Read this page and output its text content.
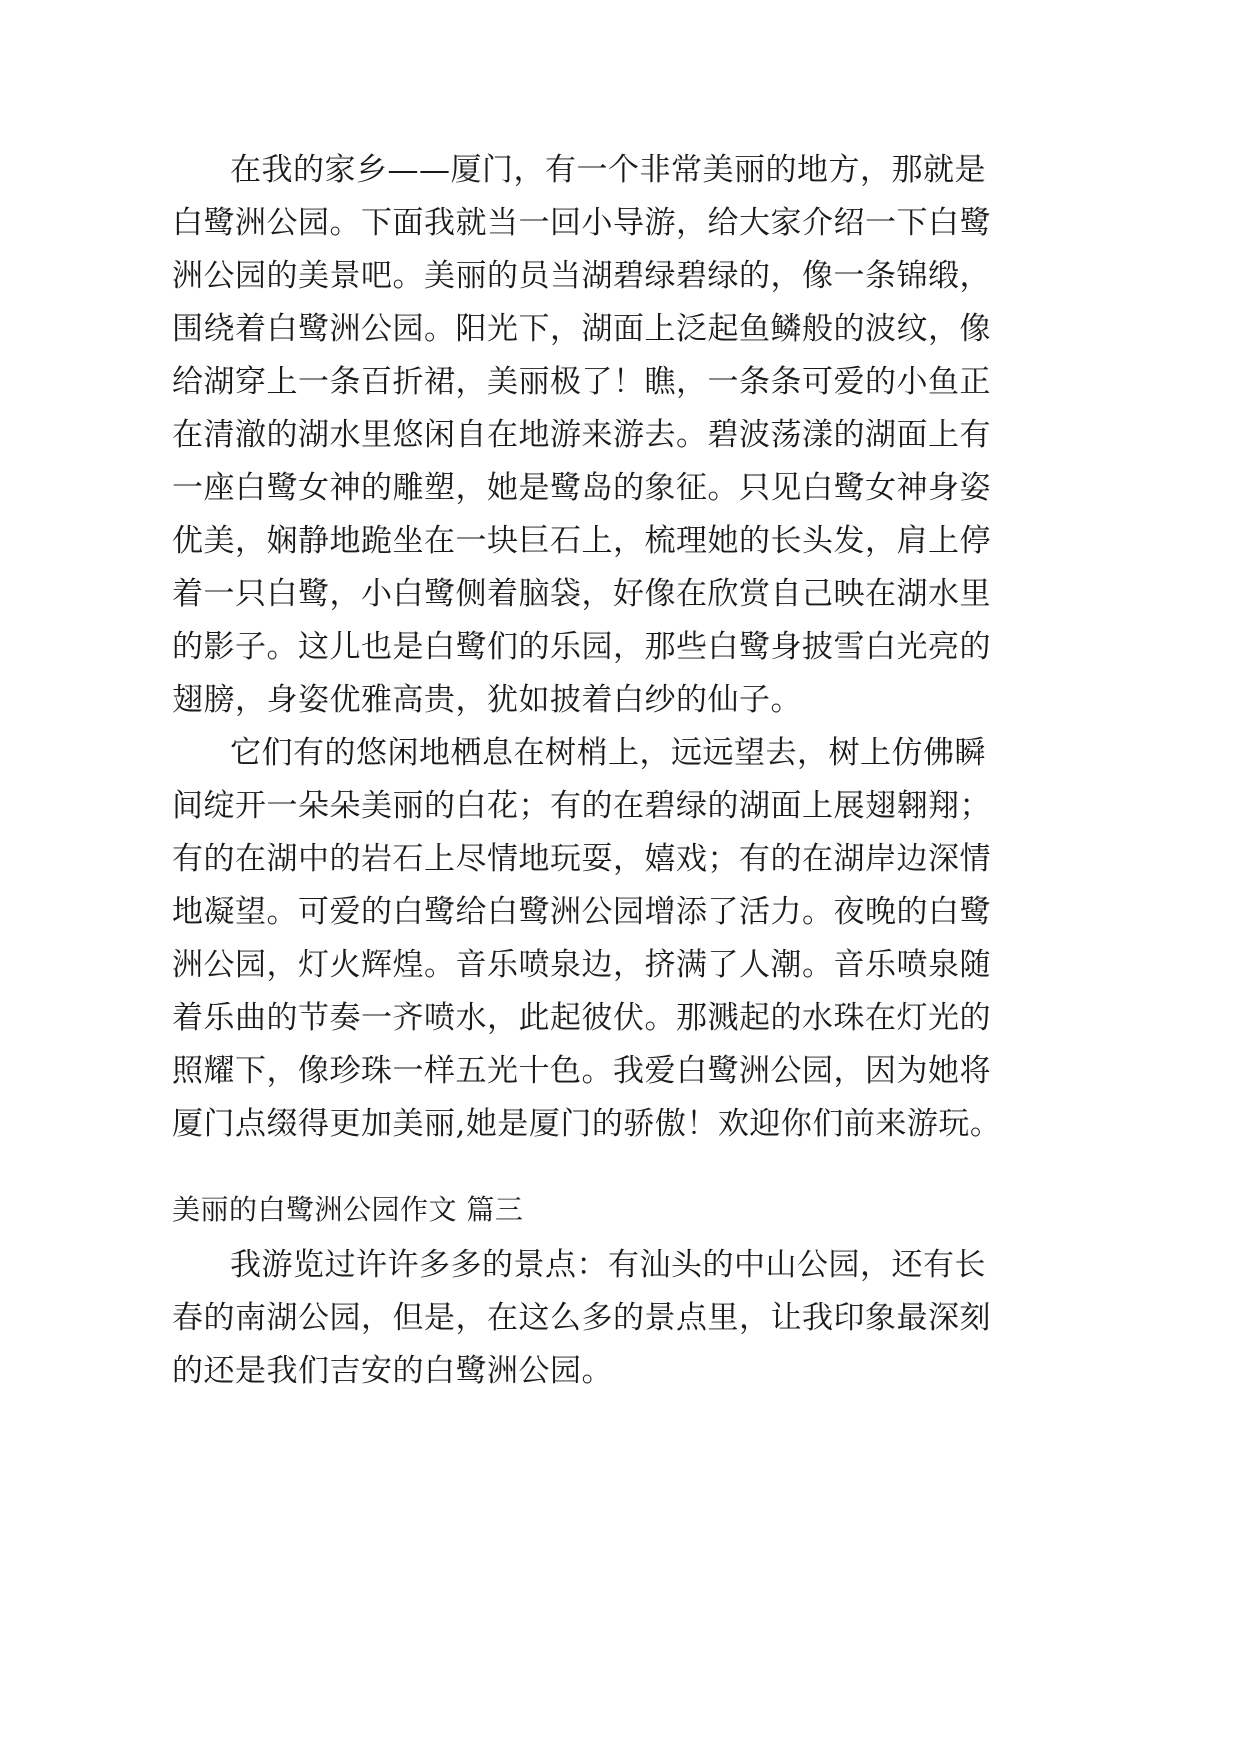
在我的家乡——厦门，有一个非常美丽的地方，那就是
白鹭洲公园。下面我就当一回小导游，给大家介绍一下白鹭
洲公园的美景吧。美丽的员当湖碧绿碧绿的，像一条锦缎，
围绕着白鹭洲公园。阳光下，湖面上泛起鱼鳞般的波纹，像
给湖穿上一条百折裙，美丽极了！瞧，一条条可爱的小鱼正
在清澈的湖水里悠闲自在地游来游去。碧波荡漾的湖面上有
一座白鹭女神的雕塑，她是鹭岛的象征。只见白鹭女神身姿
优美，娴静地跪坐在一块巨石上，梳理她的长头发，肩上停
着一只白鹭，小白鹭侧着脑袋，好像在欣赏自己映在湖水里
的影子。这儿也是白鹭们的乐园，那些白鹭身披雪白光亮的
翅膀，身姿优雅高贵，犹如披着白纱的仙子。
它们有的悠闲地栖息在树梢上，远远望去，树上仿佛瞬
间绽开一朵朵美丽的白花；有的在碧绿的湖面上展翅翱翔；
有的在湖中的岩石上尽情地玩耍，嬉戏；有的在湖岸边深情
地凝望。可爱的白鹭给白鹭洲公园增添了活力。夜晚的白鹭
洲公园，灯火辉煌。音乐喷泉边，挤满了人潮。音乐喷泉随
着乐曲的节奏一齐喷水，此起彼伏。那溅起的水珠在灯光的
照耀下，像珍珠一样五光十色。我爱白鹭洲公园，因为她将
厦门点缀得更加美丽,她是厦门的骄傲！欢迎你们前来游玩。
美丽的白鹭洲公园作文 篇三
我游览过许许多多的景点：有汕头的中山公园，还有长
春的南湖公园，但是，在这么多的景点里，让我印象最深刻
的还是我们吉安的白鹭洲公园。
